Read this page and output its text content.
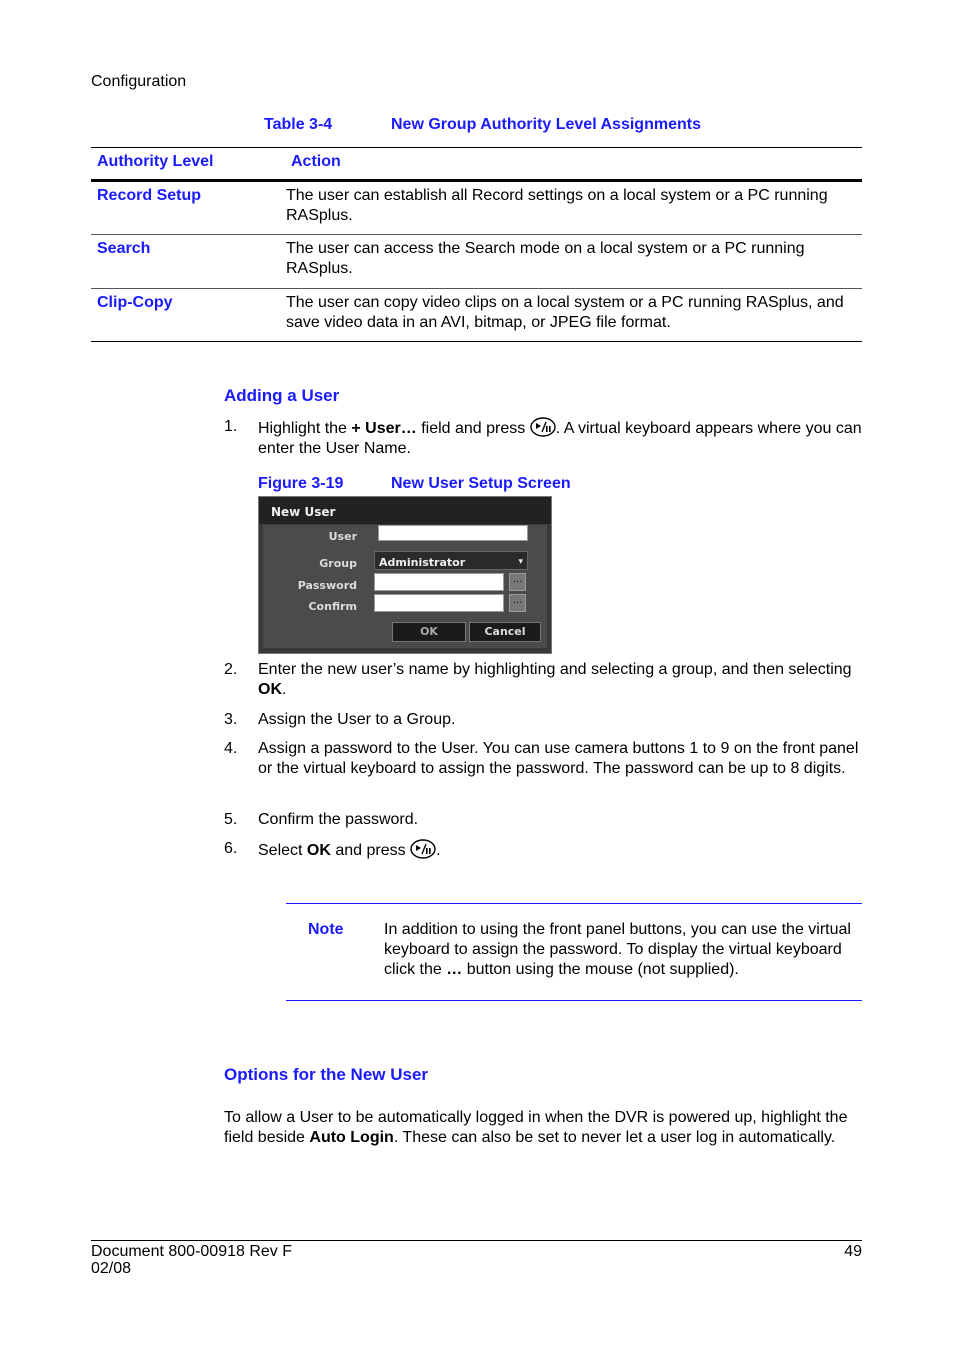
Configuration
Table 3-4	New Group Authority Level Assignments
Authority Level	Action
Record Setup	The user can establish all Record settings on a local system or a PC running RASplus.
Search	The user can access the Search mode on a local system or a PC running RASplus.
Clip-Copy	The user can copy video clips on a local system or a PC running RASplus, and save video data in an AVI, bitmap, or JPEG file format.
Adding a User
1. Highlight the + User… field and press . A virtual keyboard appears where you can enter the User Name.
Figure 3-19	New User Setup Screen
New User
User
Group Administrator	▾
Password	...
Confirm	...
OK	Cancel
2. Enter the new user’s name by highlighting and selecting a group, and then selecting OK.
3. Assign the User to a Group.
4. Assign a password to the User. You can use camera buttons 1 to 9 on the front panel or the virtual keyboard to assign the password. The password can be up to 8 digits.
5. Confirm the password.
6. Select OK and press .
Note	In addition to using the front panel buttons, you can use the virtual keyboard to assign the password. To display the virtual keyboard click the … button using the mouse (not supplied).
Options for the New User
To allow a User to be automatically logged in when the DVR is powered up, highlight the field beside Auto Login. These can also be set to never let a user log in automatically.
Document 800-00918 Rev F
02/08
49
